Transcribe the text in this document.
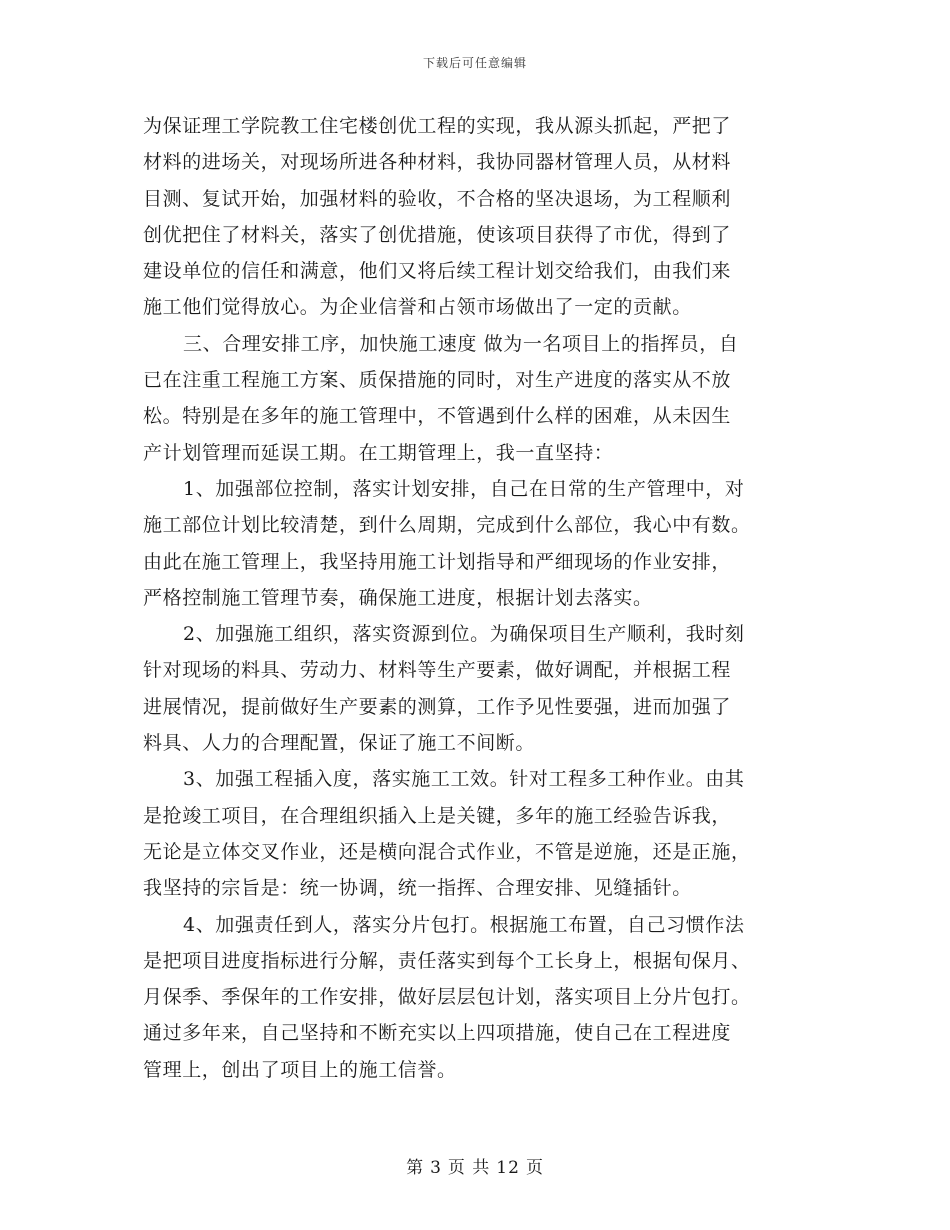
下载后可任意编辑
为保证理工学院教工住宅楼创优工程的实现，我从源头抓起，严把了
材料的进场关，对现场所进各种材料，我协同器材管理人员，从材料
目测、复试开始，加强材料的验收，不合格的坚决退场，为工程顺利
创优把住了材料关，落实了创优措施，使该项目获得了市优，得到了
建设单位的信任和满意，他们又将后续工程计划交给我们，由我们来
施工他们觉得放心。为企业信誉和占领市场做出了一定的贡献。
三、合理安排工序，加快施工速度 做为一名项目上的指挥员，自
已在注重工程施工方案、质保措施的同时，对生产进度的落实从不放
松。特别是在多年的施工管理中，不管遇到什么样的困难，从未因生
产计划管理而延误工期。在工期管理上，我一直坚持：
1、加强部位控制，落实计划安排，自己在日常的生产管理中，对
施工部位计划比较清楚，到什么周期，完成到什么部位，我心中有数。
由此在施工管理上，我坚持用施工计划指导和严细现场的作业安排，
严格控制施工管理节奏，确保施工进度，根据计划去落实。
2、加强施工组织，落实资源到位。为确保项目生产顺利，我时刻
针对现场的料具、劳动力、材料等生产要素，做好调配，并根据工程
进展情况，提前做好生产要素的测算，工作予见性要强，进而加强了
料具、人力的合理配置，保证了施工不间断。
3、加强工程插入度，落实施工工效。针对工程多工种作业。由其
是抢竣工项目，在合理组织插入上是关键，多年的施工经验告诉我，
无论是立体交叉作业，还是横向混合式作业，不管是逆施，还是正施，
我坚持的宗旨是：统一协调，统一指挥、合理安排、见缝插针。
4、加强责任到人，落实分片包打。根据施工布置，自己习惯作法
是把项目进度指标进行分解，责任落实到每个工长身上，根据旬保月、
月保季、季保年的工作安排，做好层层包计划，落实项目上分片包打。
通过多年来，自己坚持和不断充实以上四项措施，使自己在工程进度
管理上，创出了项目上的施工信誉。
第 3 页 共 12 页
